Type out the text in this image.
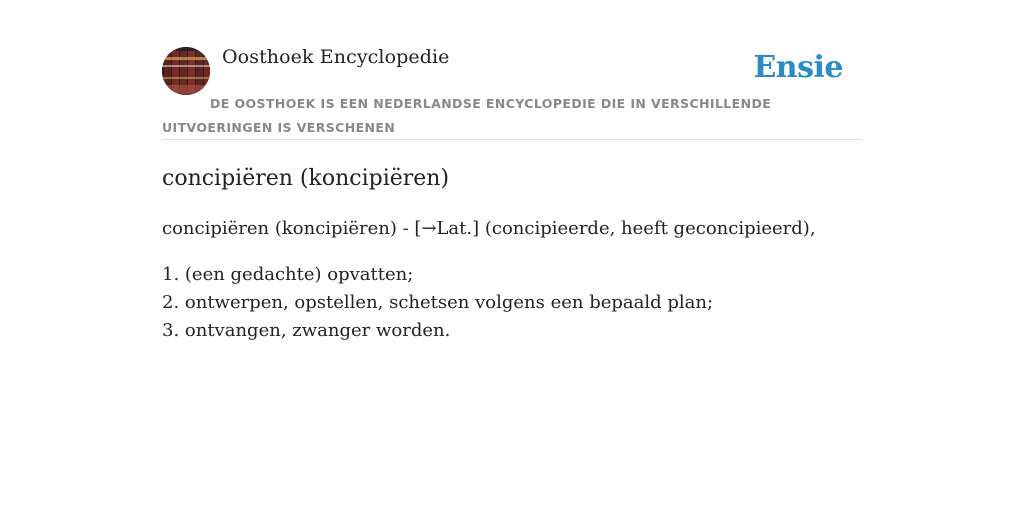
Oosthoek Encyclopedie	Ensie
DE OOSTHOEK IS EEN NEDERLANDSE ENCYCLOPEDIE DIE IN VERSCHILLENDE UITVOERINGEN IS VERSCHENEN
concipiëren (koncipiëren)

concipiëren (koncipiëren) - [→Lat.] (concipieerde, heeft geconcipieerd),

1. (een gedachte) opvatten;
2. ontwerpen, opstellen, schetsen volgens een bepaald plan;
3. ontvangen, zwanger worden.
